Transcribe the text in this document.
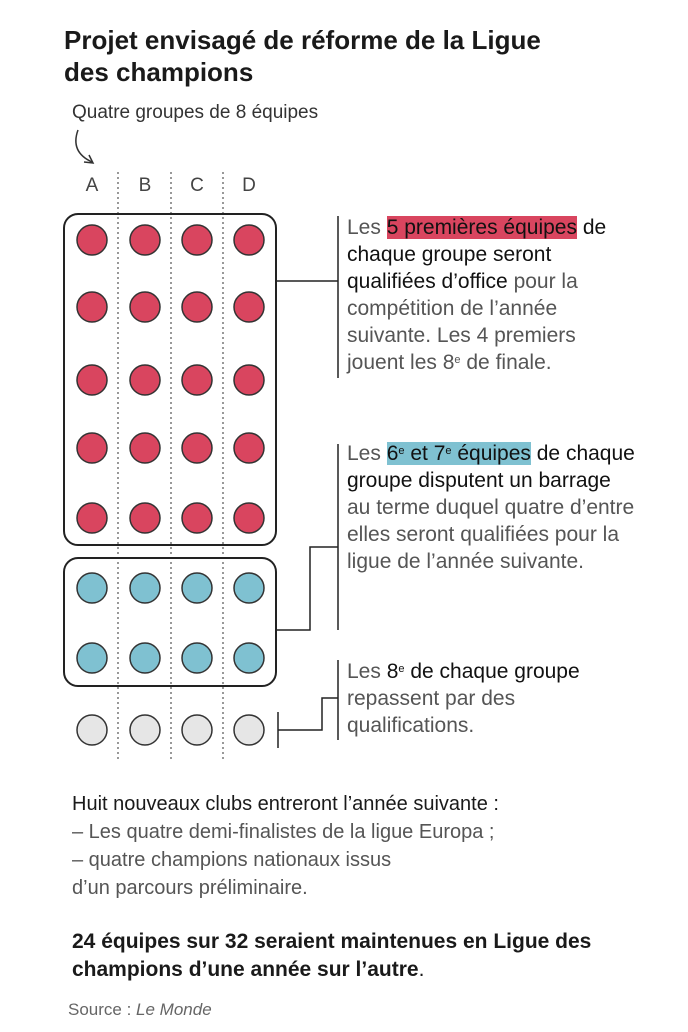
Projet envisagé de réforme de la Ligue des champions
Quatre groupes de 8 équipes
A B C D
Les 5 premières équipes de chaque groupe seront qualifiées d’office pour la compétition de l’année suivante. Les 4 premiers jouent les 8e de finale.
Les 6e et 7e équipes de chaque groupe disputent un barrage au terme duquel quatre d’entre elles seront qualifiées pour la ligue de l’année suivante.
Les 8e de chaque groupe repassent par des qualifications.
Huit nouveaux clubs entreront l’année suivante :
– Les quatre demi-finalistes de la ligue Europa ;
– quatre champions nationaux issus
d’un parcours préliminaire.
24 équipes sur 32 seraient maintenues en Ligue des champions d’une année sur l’autre.
Source : Le Monde
